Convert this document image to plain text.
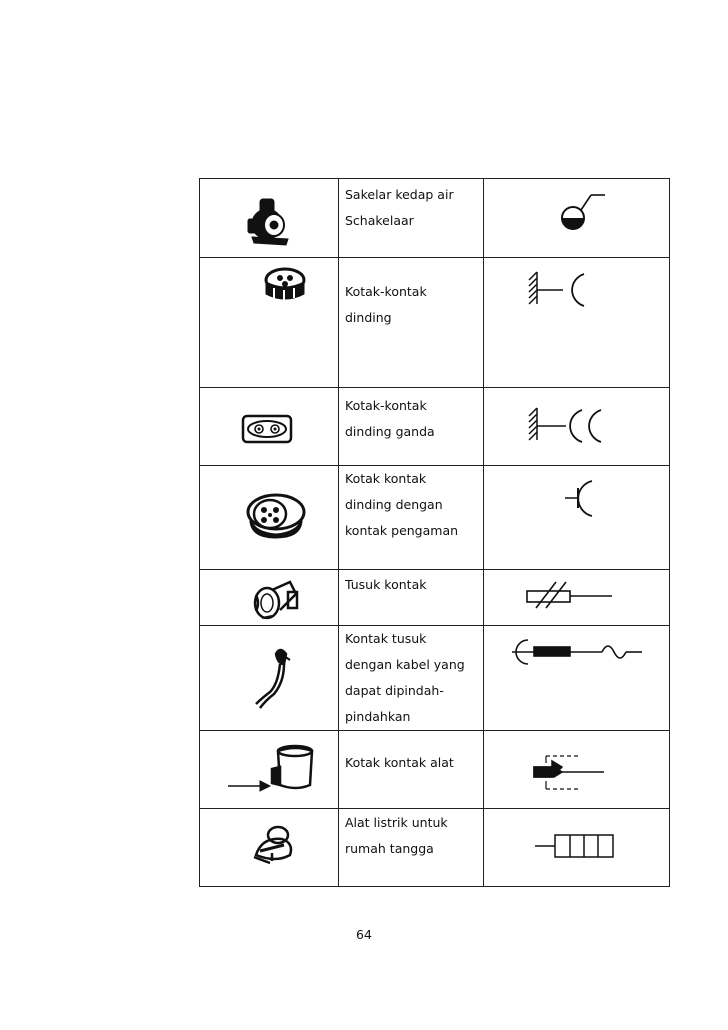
Sakelar kedap air
Schakelaar

Kotak-kontak
dinding

Kotak-kontak
dinding ganda

Kotak kontak
dinding dengan
kontak pengaman

Tusuk kontak

Kontak tusuk
dengan kabel yang
dapat dipindah-
pindahkan

Kotak kontak alat

Alat listrik untuk
rumah tangga

64
